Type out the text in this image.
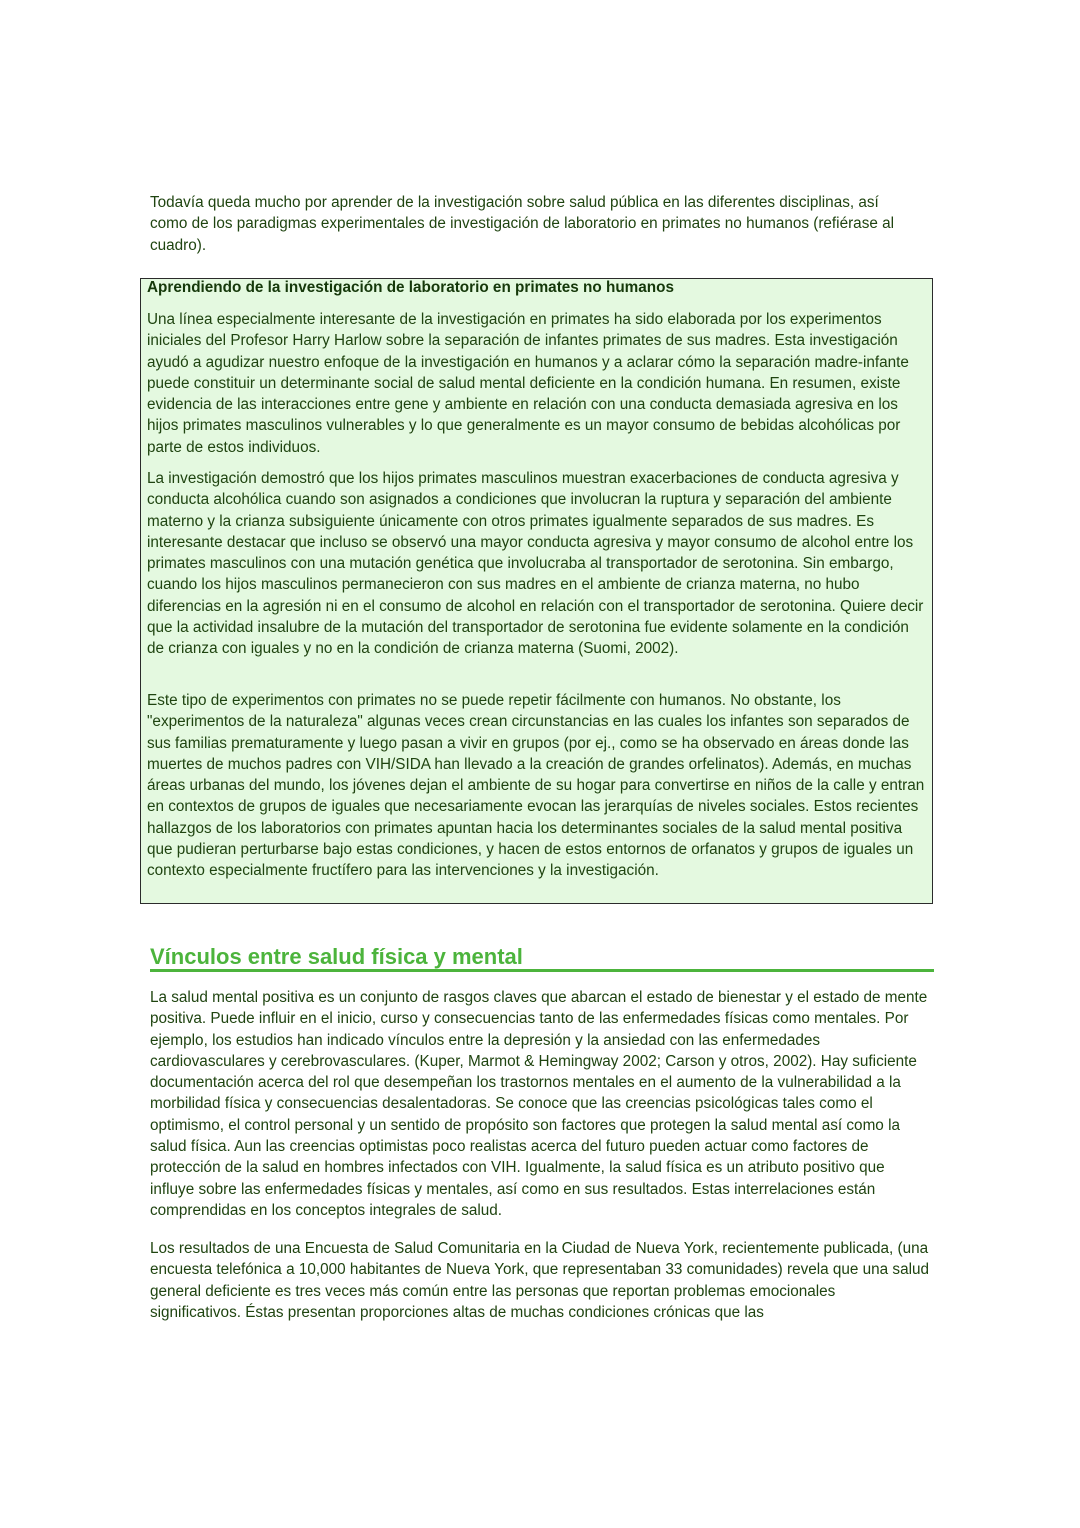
Todavía queda mucho por aprender de la investigación sobre salud pública en las diferentes disciplinas, así como de los paradigmas experimentales de investigación de laboratorio en primates no humanos (refiérase al cuadro).

Aprendiendo de la investigación de laboratorio en primates no humanos

Una línea especialmente interesante de la investigación en primates ha sido elaborada por los experimentos iniciales del Profesor Harry Harlow sobre la separación de infantes primates de sus madres. Esta investigación ayudó a agudizar nuestro enfoque de la investigación en humanos y a aclarar cómo la separación madre-infante puede constituir un determinante social de salud mental deficiente en la condición humana. En resumen, existe evidencia de las interacciones entre gene y ambiente en relación con una conducta demasiada agresiva en los hijos primates masculinos vulnerables y lo que generalmente es un mayor consumo de bebidas alcohólicas por parte de estos individuos.

La investigación demostró que los hijos primates masculinos muestran exacerbaciones de conducta agresiva y conducta alcohólica cuando son asignados a condiciones que involucran la ruptura y separación del ambiente materno y la crianza subsiguiente únicamente con otros primates igualmente separados de sus madres. Es interesante destacar que incluso se observó una mayor conducta agresiva y mayor consumo de alcohol entre los primates masculinos con una mutación genética que involucraba al transportador de serotonina. Sin embargo, cuando los hijos masculinos permanecieron con sus madres en el ambiente de crianza materna, no hubo diferencias en la agresión ni en el consumo de alcohol en relación con el transportador de serotonina. Quiere decir que la actividad insalubre de la mutación del transportador de serotonina fue evidente solamente en la condición de crianza con iguales y no en la condición de crianza materna (Suomi, 2002).

Este tipo de experimentos con primates no se puede repetir fácilmente con humanos. No obstante, los "experimentos de la naturaleza" algunas veces crean circunstancias en las cuales los infantes son separados de sus familias prematuramente y luego pasan a vivir en grupos (por ej., como se ha observado en áreas donde las muertes de muchos padres con VIH/SIDA han llevado a la creación de grandes orfelinatos). Además, en muchas áreas urbanas del mundo, los jóvenes dejan el ambiente de su hogar para convertirse en niños de la calle y entran en contextos de grupos de iguales que necesariamente evocan las jerarquías de niveles sociales. Estos recientes hallazgos de los laboratorios con primates apuntan hacia los determinantes sociales de la salud mental positiva que pudieran perturbarse bajo estas condiciones, y hacen de estos entornos de orfanatos y grupos de iguales un contexto especialmente fructífero para las intervenciones y la investigación.

Vínculos entre salud física y mental

La salud mental positiva es un conjunto de rasgos claves que abarcan el estado de bienestar y el estado de mente positiva. Puede influir en el inicio, curso y consecuencias tanto de las enfermedades físicas como mentales. Por ejemplo, los estudios han indicado vínculos entre la depresión y la ansiedad con las enfermedades cardiovasculares y cerebrovasculares. (Kuper, Marmot & Hemingway 2002; Carson y otros, 2002). Hay suficiente documentación acerca del rol que desempeñan los trastornos mentales en el aumento de la vulnerabilidad a la morbilidad física y consecuencias desalentadoras. Se conoce que las creencias psicológicas tales como el optimismo, el control personal y un sentido de propósito son factores que protegen la salud mental así como la salud física. Aun las creencias optimistas poco realistas acerca del futuro pueden actuar como factores de protección de la salud en hombres infectados con VIH. Igualmente, la salud física es un atributo positivo que influye sobre las enfermedades físicas y mentales, así como en sus resultados. Estas interrelaciones están comprendidas en los conceptos integrales de salud.

Los resultados de una Encuesta de Salud Comunitaria en la Ciudad de Nueva York, recientemente publicada, (una encuesta telefónica a 10,000 habitantes de Nueva York, que representaban 33 comunidades) revela que una salud general deficiente es tres veces más común entre las personas que reportan problemas emocionales significativos. Éstas presentan proporciones altas de muchas condiciones crónicas que las
